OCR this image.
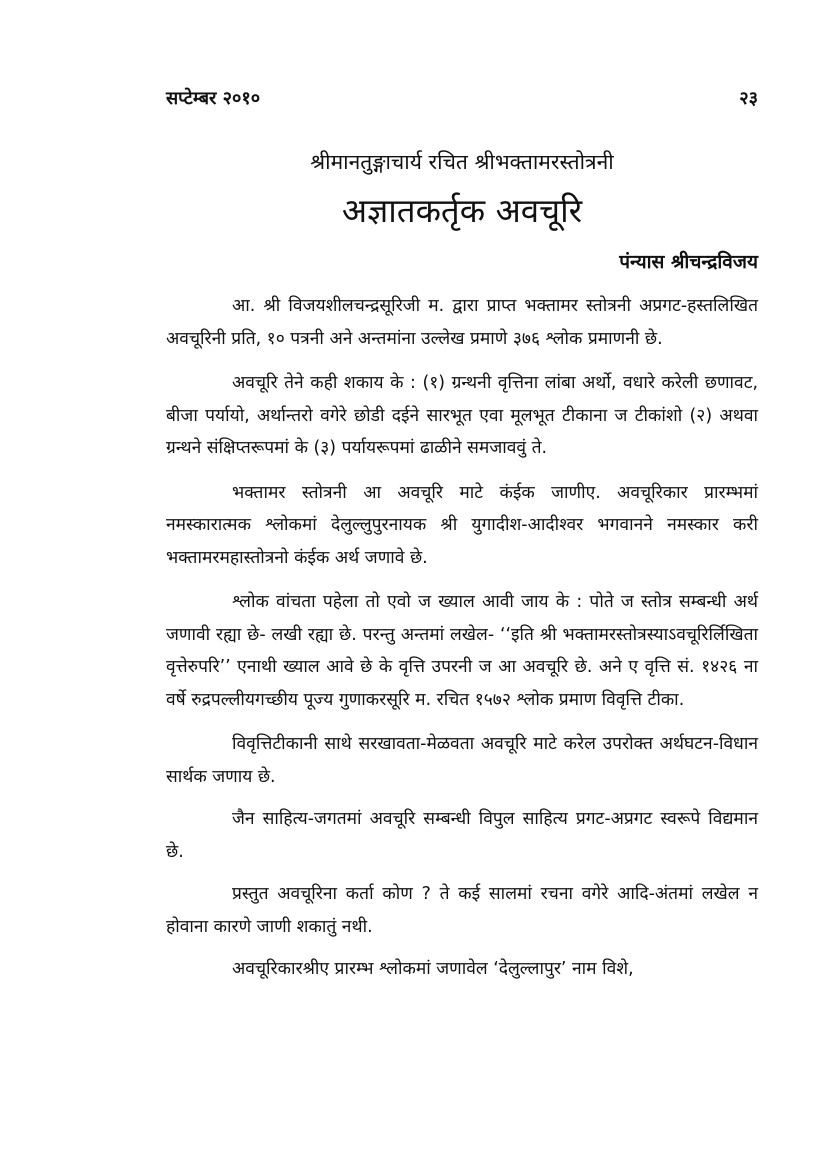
सप्टेम्बर २०१०	२३
श्रीमानतुङ्गाचार्य रचित श्रीभक्तामरस्तोत्रनी
अज्ञातकर्तृक अवचूरि
पंन्यास श्रीचन्द्रविजय

आ. श्री विजयशीलचन्द्रसूरिजी म. द्वारा प्राप्त भक्तामर स्तोत्रनी अप्रगट-हस्तलिखित अवचूरिनी प्रति, १० पत्रनी अने अन्तमांना उल्लेख प्रमाणे ३७६ श्लोक प्रमाणनी छे.

अवचूरि तेने कही शकाय के : (१) ग्रन्थनी वृत्तिना लांबा अर्थो, वधारे करेली छणावट, बीजा पर्यायो, अर्थान्तरो वगेरे छोडी दईने सारभूत एवा मूलभूत टीकाना ज टीकांशो (२) अथवा ग्रन्थने संक्षिप्तरूपमां के (३) पर्यायरूपमां ढाळीने समजाववुं ते.

भक्तामर स्तोत्रनी आ अवचूरि माटे कंईक जाणीए. अवचूरिकार प्रारम्भमां नमस्कारात्मक श्लोकमां देलुल्लुपुरनायक श्री युगादीश-आदीश्वर भगवानने नमस्कार करी भक्तामरमहास्तोत्रनो कंईक अर्थ जणावे छे.

श्लोक वांचता पहेला तो एवो ज ख्याल आवी जाय के : पोते ज स्तोत्र सम्बन्धी अर्थ जणावी रह्या छे- लखी रह्या छे. परन्तु अन्तमां लखेल- ‘‘इति श्री भक्तामरस्तोत्रस्याऽवचूरिर्लिखिता वृत्तेरुपरि’’ एनाथी ख्याल आवे छे के वृत्ति उपरनी ज आ अवचूरि छे. अने ए वृत्ति सं. १४२६ ना वर्षे रुद्रपल्लीयगच्छीय पूज्य गुणाकरसूरि म. रचित १५७२ श्लोक प्रमाण विवृत्ति टीका.

विवृत्तिटीकानी साथे सरखावता-मेळवता अवचूरि माटे करेल उपरोक्त अर्थघटन-विधान सार्थक जणाय छे.

जैन साहित्य-जगतमां अवचूरि सम्बन्धी विपुल साहित्य प्रगट-अप्रगट स्वरूपे विद्यमान छे.

प्रस्तुत अवचूरिना कर्ता कोण ? ते कई सालमां रचना वगेरे आदि-अंतमां लखेल न होवाना कारणे जाणी शकातुं नथी.

अवचूरिकारश्रीए प्रारम्भ श्लोकमां जणावेल ‘देलुल्लापुर’ नाम विशे,
